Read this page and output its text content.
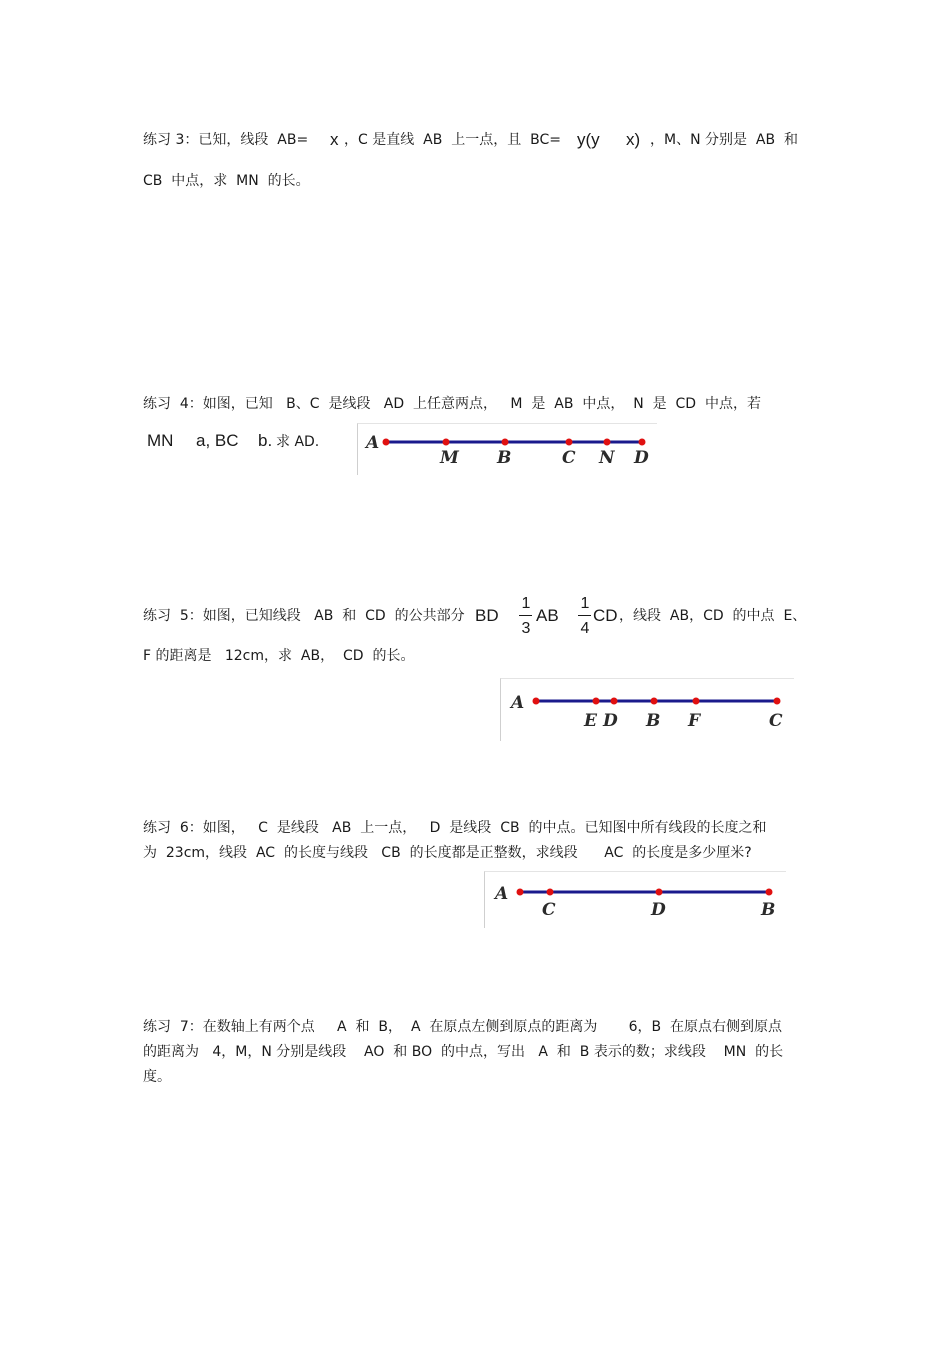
练习 3：已知，线段  AB= x ，C 是直线  AB  上一点，且  BC= y(y x) ，M、N 分别是  AB  和
CB  中点，求  MN  的长。
练习  4：如图，已知   B、C  是线段   AD  上任意两点，   M  是  AB  中点，  N  是  CD  中点，若
MN a, BC b. 求 AD.	A
M B	C N D
练习  5：如图，已知线段   AB  和  CD  的公共部分 BD
1
3
AB
1
4
CD ，线段  AB，CD  的中点  E、
F 的距离是   12cm，求  AB，  CD  的长。
A
E D B F	C
练习  6：如图，   C  是线段   AB  上一点，   D  是线段  CB  的中点。已知图中所有线段的长度之和
为  23cm，线段  AC  的长度与线段   CB  的长度都是正整数，求线段      AC  的长度是多少厘米?
A
C	D	B
练习  7：在数轴上有两个点     A  和  B，  A  在原点左侧到原点的距离为       6，B  在原点右侧到原点
的距离为   4，M，N 分别是线段    AO  和 BO  的中点，写出   A  和  B 表示的数；求线段    MN  的长
度。
